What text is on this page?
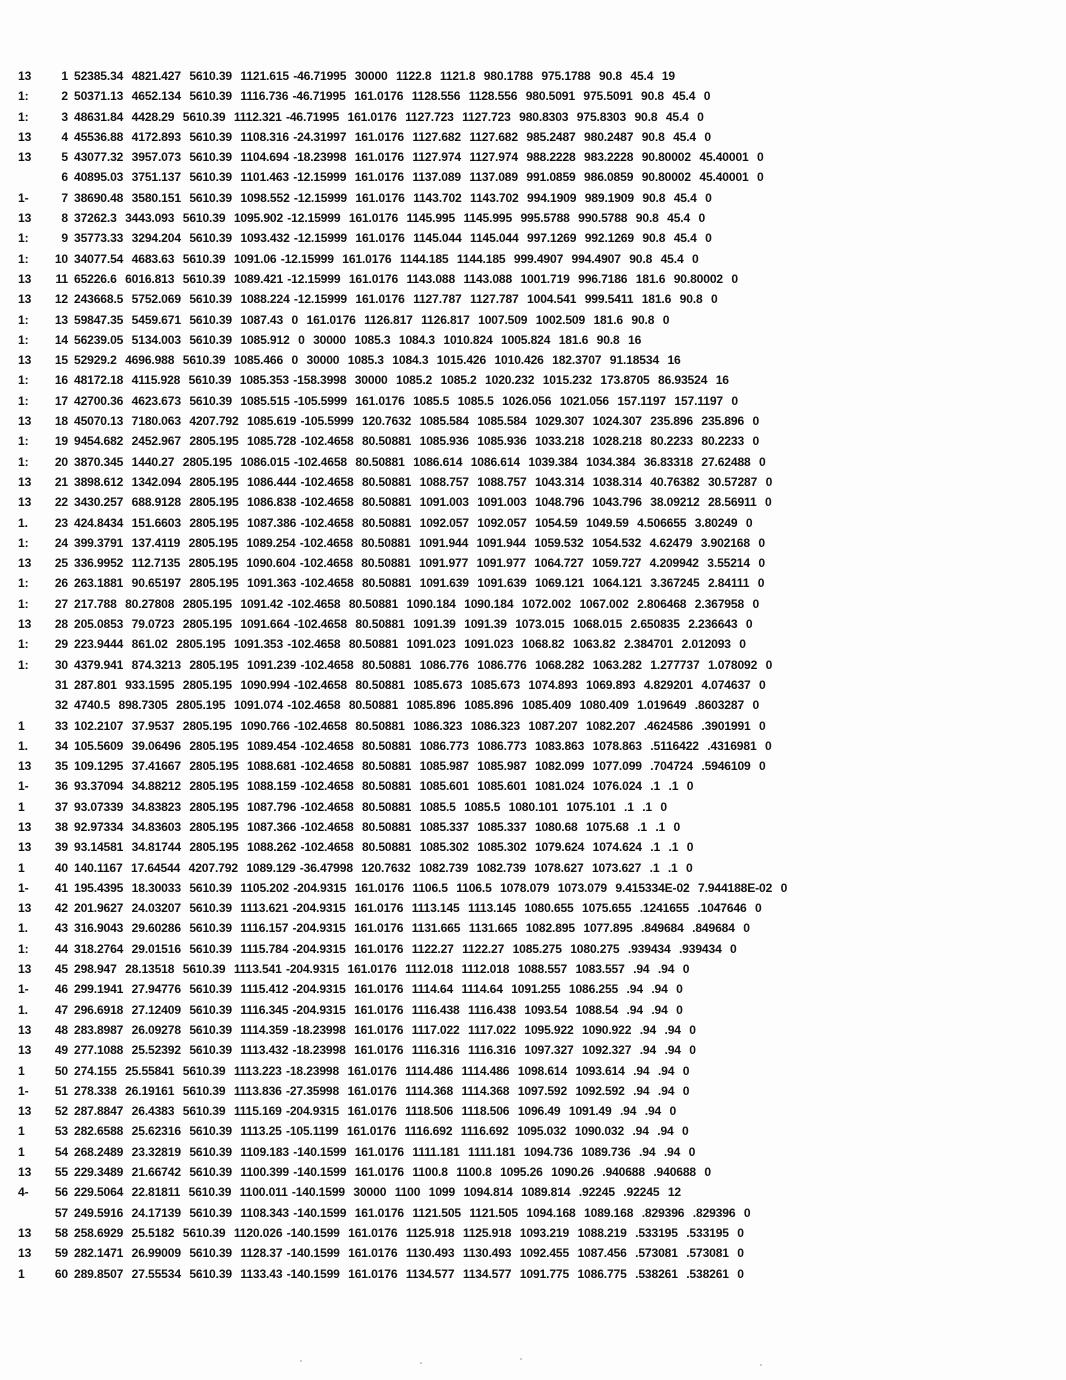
13	1 52385.34  4821.427  5610.39  1121.615 -46.71995  30000  1122.8  1121.8  980.1788  975.1788  90.8  45.4  19
1:	2 50371.13  4652.134  5610.39  1116.736 -46.71995  161.0176  1128.556  1128.556  980.5091  975.5091  90.8  45.4  0
1:	3 48631.84  4428.29  5610.39  1112.321 -46.71995  161.0176  1127.723  1127.723  980.8303  975.8303  90.8  45.4  0
13	4 45536.88  4172.893  5610.39  1108.316 -24.31997  161.0176  1127.682  1127.682  985.2487  980.2487  90.8  45.4  0
13	5 43077.32  3957.073  5610.39  1104.694 -18.23998  161.0176  1127.974  1127.974  988.2228  983.2228  90.80002  45.40001  0
6 40895.03  3751.137  5610.39  1101.463 -12.15999  161.0176  1137.089  1137.089  991.0859  986.0859  90.80002  45.40001  0
1-	7 38690.48  3580.151  5610.39  1098.552 -12.15999  161.0176  1143.702  1143.702  994.1909  989.1909  90.8  45.4  0
13	8 37262.3  3443.093  5610.39  1095.902 -12.15999  161.0176  1145.995  1145.995  995.5788  990.5788  90.8  45.4  0
1:	9 35773.33  3294.204  5610.39  1093.432 -12.15999  161.0176  1145.044  1145.044  997.1269  992.1269  90.8  45.4  0
1: 10 34077.54  4683.63  5610.39  1091.06 -12.15999  161.0176  1144.185  1144.185  999.4907  994.4907  90.8  45.4  0
13 11 65226.6  6016.813  5610.39  1089.421 -12.15999  161.0176  1143.088  1143.088  1001.719  996.7186  181.6  90.80002  0
13 12 243668.5  5752.069  5610.39  1088.224 -12.15999  161.0176  1127.787  1127.787  1004.541  999.5411  181.6  90.8  0
1: 13 59847.35  5459.671  5610.39  1087.43  0  161.0176  1126.817  1126.817  1007.509  1002.509  181.6  90.8  0
1: 14 56239.05  5134.003  5610.39  1085.912  0  30000  1085.3  1084.3  1010.824  1005.824  181.6  90.8  16
13 15 52929.2  4696.988  5610.39  1085.466  0  30000  1085.3  1084.3  1015.426  1010.426  182.3707  91.18534  16
1: 16 48172.18  4115.928  5610.39  1085.353 -158.3998  30000  1085.2  1085.2  1020.232  1015.232  173.8705  86.93524  16
1: 17 42700.36  4623.673  5610.39  1085.515 -105.5999  161.0176  1085.5  1085.5  1026.056  1021.056  157.1197  157.1197  0
13 18 45070.13  7180.063  4207.792  1085.619 -105.5999  120.7632  1085.584  1085.584  1029.307  1024.307  235.896  235.896  0
1: 19 9454.682  2452.967  2805.195  1085.728 -102.4658  80.50881  1085.936  1085.936  1033.218  1028.218  80.2233  80.2233  0
1: 20 3870.345  1440.27  2805.195  1086.015 -102.4658  80.50881  1086.614  1086.614  1039.384  1034.384  36.83318  27.62488  0
13 21 3898.612  1342.094  2805.195  1086.444 -102.4658  80.50881  1088.757  1088.757  1043.314  1038.314  40.76382  30.57287  0
13 22 3430.257  688.9128  2805.195  1086.838 -102.4658  80.50881  1091.003  1091.003  1048.796  1043.796  38.09212  28.56911  0
1. 23 424.8434  151.6603  2805.195  1087.386 -102.4658  80.50881  1092.057  1092.057  1054.59  1049.59  4.506655  3.80249  0
1: 24 399.3791  137.4119  2805.195  1089.254 -102.4658  80.50881  1091.944  1091.944  1059.532  1054.532  4.62479  3.902168  0
13 25 336.9952  112.7135  2805.195  1090.604 -102.4658  80.50881  1091.977  1091.977  1064.727  1059.727  4.209942  3.55214  0
1: 26 263.1881  90.65197  2805.195  1091.363 -102.4658  80.50881  1091.639  1091.639  1069.121  1064.121  3.367245  2.84111  0
1: 27 217.788  80.27808  2805.195  1091.42 -102.4658  80.50881  1090.184  1090.184  1072.002  1067.002  2.806468  2.367958  0
13 28 205.0853  79.0723  2805.195  1091.664 -102.4658  80.50881  1091.39  1091.39  1073.015  1068.015  2.650835  2.236643  0
1: 29 223.9444  861.02  2805.195  1091.353 -102.4658  80.50881  1091.023  1091.023  1068.82  1063.82  2.384701  2.012093  0
1: 30 4379.941  874.3213  2805.195  1091.239 -102.4658  80.50881  1086.776  1086.776  1068.282  1063.282  1.277737  1.078092  0
31 287.801  933.1595  2805.195  1090.994 -102.4658  80.50881  1085.673  1085.673  1074.893  1069.893  4.829201  4.074637  0
32 4740.5  898.7305  2805.195  1091.074 -102.4658  80.50881  1085.896  1085.896  1085.409  1080.409  1.019649  .8603287  0
1	33 102.2107  37.9537  2805.195  1090.766 -102.4658  80.50881  1086.323  1086.323  1087.207  1082.207  .4624586  .3901991  0
1. 34 105.5609  39.06496  2805.195  1089.454 -102.4658  80.50881  1086.773  1086.773  1083.863  1078.863  .5116422  .4316981  0
13 35 109.1295  37.41667  2805.195  1088.681 -102.4658  80.50881  1085.987  1085.987  1082.099  1077.099  .704724  .5946109  0
1- 36 93.37094  34.88212  2805.195  1088.159 -102.4658  80.50881  1085.601  1085.601  1081.024  1076.024  .1  .1  0
1	37 93.07339  34.83823  2805.195  1087.796 -102.4658  80.50881  1085.5  1085.5  1080.101  1075.101  .1  .1  0
13 38 92.97334  34.83603  2805.195  1087.366 -102.4658  80.50881  1085.337  1085.337  1080.68  1075.68  .1  .1  0
13 39 93.14581  34.81744  2805.195  1088.262 -102.4658  80.50881  1085.302  1085.302  1079.624  1074.624  .1  .1  0
1	40 140.1167  17.64544  4207.792  1089.129 -36.47998  120.7632  1082.739  1082.739  1078.627  1073.627  .1  .1  0
1- 41 195.4395  18.30033  5610.39  1105.202 -204.9315  161.0176  1106.5  1106.5  1078.079  1073.079  9.415334E-02  7.944188E-02  0
13 42 201.9627  24.03207  5610.39  1113.621 -204.9315  161.0176  1113.145  1113.145  1080.655  1075.655  .1241655  .1047646  0
1. 43 316.9043  29.60286  5610.39  1116.157 -204.9315  161.0176  1131.665  1131.665  1082.895  1077.895  .849684  .849684  0
1: 44 318.2764  29.01516  5610.39  1115.784 -204.9315  161.0176  1122.27  1122.27  1085.275  1080.275  .939434  .939434  0
13 45 298.947  28.13518  5610.39  1113.541 -204.9315  161.0176  1112.018  1112.018  1088.557  1083.557  .94  .94  0
1- 46 299.1941  27.94776  5610.39  1115.412 -204.9315  161.0176  1114.64  1114.64  1091.255  1086.255  .94  .94  0
1. 47 296.6918  27.12409  5610.39  1116.345 -204.9315  161.0176  1116.438  1116.438  1093.54  1088.54  .94  .94  0
13 48 283.8987  26.09278  5610.39  1114.359 -18.23998  161.0176  1117.022  1117.022  1095.922  1090.922  .94  .94  0
13 49 277.1088  25.52392  5610.39  1113.432 -18.23998  161.0176  1116.316  1116.316  1097.327  1092.327  .94  .94  0
1	50 274.155  25.55841  5610.39  1113.223 -18.23998  161.0176  1114.486  1114.486  1098.614  1093.614  .94  .94  0
1- 51 278.338  26.19161  5610.39  1113.836 -27.35998  161.0176  1114.368  1114.368  1097.592  1092.592  .94  .94  0
13 52 287.8847  26.4383  5610.39  1115.169 -204.9315  161.0176  1118.506  1118.506  1096.49  1091.49  .94  .94  0
1	53 282.6588  25.62316  5610.39  1113.25 -105.1199  161.0176  1116.692  1116.692  1095.032  1090.032  .94  .94  0
1	54 268.2489  23.32819  5610.39  1109.183 -140.1599  161.0176  1111.181  1111.181  1094.736  1089.736  .94  .94  0
13 55 229.3489  21.66742  5610.39  1100.399 -140.1599  161.0176  1100.8  1100.8  1095.26  1090.26  .940688  .940688  0
4- 56 229.5064  22.81811  5610.39  1100.011 -140.1599  30000  1100  1099  1094.814  1089.814  .92245  .92245  12
57 249.5916  24.17139  5610.39  1108.343 -140.1599  161.0176  1121.505  1121.505  1094.168  1089.168  .829396  .829396  0
13 58 258.6929  25.5182  5610.39  1120.026 -140.1599  161.0176  1125.918  1125.918  1093.219  1088.219  .533195  .533195  0
13 59 282.1471  26.99009  5610.39  1128.37 -140.1599  161.0176  1130.493  1130.493  1092.455  1087.456  .573081  .573081  0
1	60 289.8507  27.55534  5610.39  1133.43 -140.1599  161.0176  1134.577  1134.577  1091.775  1086.775  .538261  .538261  0
